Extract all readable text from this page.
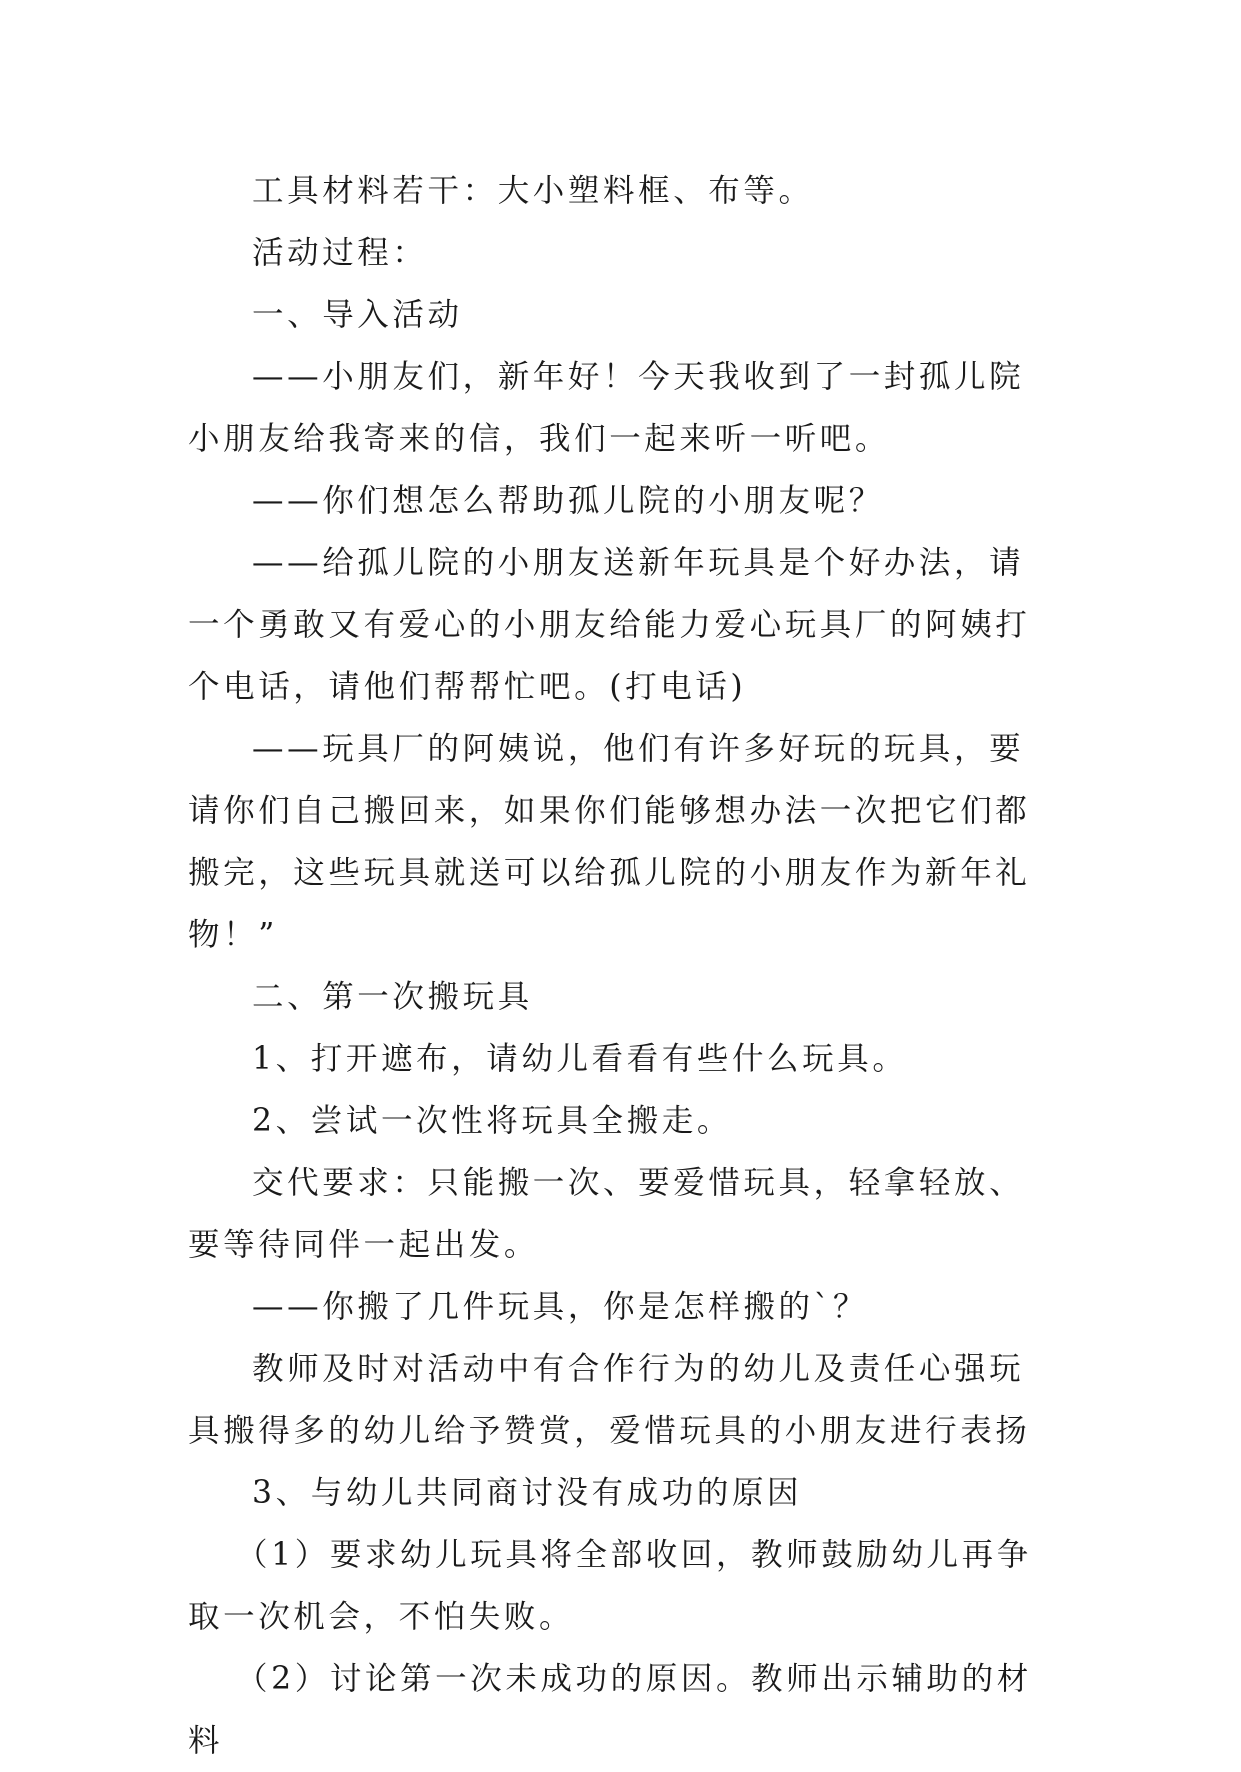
工具材料若干：大小塑料框、布等。

活动过程：

一、导入活动

——小朋友们，新年好！今天我收到了一封孤儿院小朋友给我寄来的信，我们一起来听一听吧。

——你们想怎么帮助孤儿院的小朋友呢？

——给孤儿院的小朋友送新年玩具是个好办法，请一个勇敢又有爱心的小朋友给能力爱心玩具厂的阿姨打个电话，请他们帮帮忙吧。(打电话)

——玩具厂的阿姨说，他们有许多好玩的玩具，要请你们自己搬回来，如果你们能够想办法一次把它们都搬完，这些玩具就送可以给孤儿院的小朋友作为新年礼物！”

二、第一次搬玩具

1、打开遮布，请幼儿看看有些什么玩具。

2、尝试一次性将玩具全搬走。

交代要求：只能搬一次、要爱惜玩具，轻拿轻放、要等待同伴一起出发。

——你搬了几件玩具，你是怎样搬的`？

教师及时对活动中有合作行为的幼儿及责任心强玩具搬得多的幼儿给予赞赏，爱惜玩具的小朋友进行表扬

3、与幼儿共同商讨没有成功的原因

（1）要求幼儿玩具将全部收回，教师鼓励幼儿再争取一次机会，不怕失败。

（2）讨论第一次未成功的原因。教师出示辅助的材料
